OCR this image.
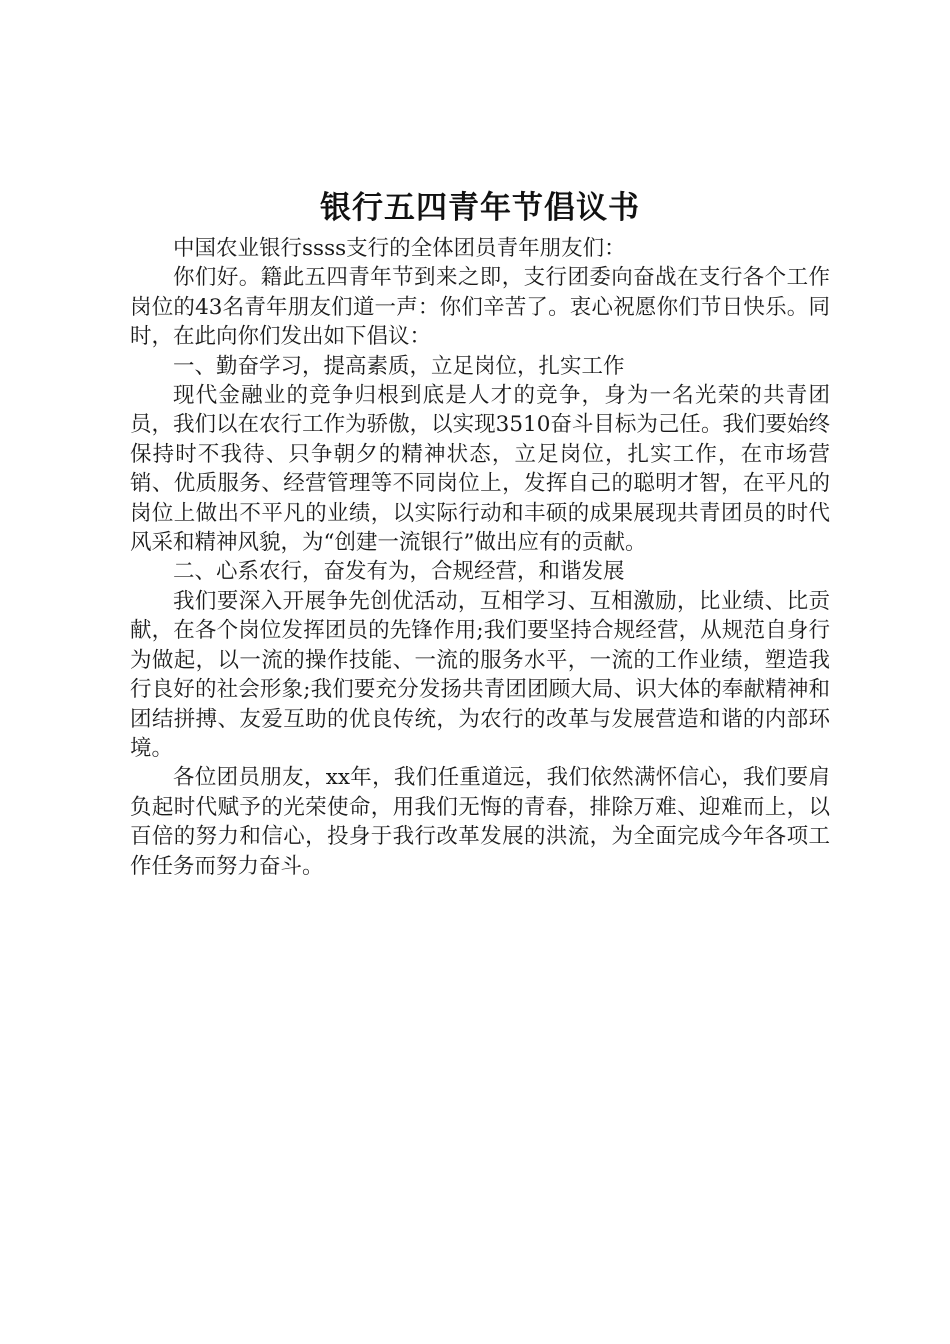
银行五四青年节倡议书

中国农业银行ssss支行的全体团员青年朋友们：

你们好。籍此五四青年节到来之即，支行团委向奋战在支行各个工作岗位的43名青年朋友们道一声：你们辛苦了。衷心祝愿你们节日快乐。同时，在此向你们发出如下倡议：

一、勤奋学习，提高素质，立足岗位，扎实工作

现代金融业的竞争归根到底是人才的竞争，身为一名光荣的共青团员，我们以在农行工作为骄傲，以实现3510奋斗目标为己任。我们要始终保持时不我待、只争朝夕的精神状态，立足岗位，扎实工作，在市场营销、优质服务、经营管理等不同岗位上，发挥自己的聪明才智，在平凡的岗位上做出不平凡的业绩，以实际行动和丰硕的成果展现共青团员的时代风采和精神风貌，为“创建一流银行”做出应有的贡献。

二、心系农行，奋发有为，合规经营，和谐发展

我们要深入开展争先创优活动，互相学习、互相激励，比业绩、比贡献，在各个岗位发挥团员的先锋作用;我们要坚持合规经营，从规范自身行为做起，以一流的操作技能、一流的服务水平，一流的工作业绩，塑造我行良好的社会形象;我们要充分发扬共青团团顾大局、识大体的奉献精神和团结拼搏、友爱互助的优良传统，为农行的改革与发展营造和谐的内部环境。

各位团员朋友，xx年，我们任重道远，我们依然满怀信心，我们要肩负起时代赋予的光荣使命，用我们无悔的青春，排除万难、迎难而上，以百倍的努力和信心，投身于我行改革发展的洪流，为全面完成今年各项工作任务而努力奋斗。
